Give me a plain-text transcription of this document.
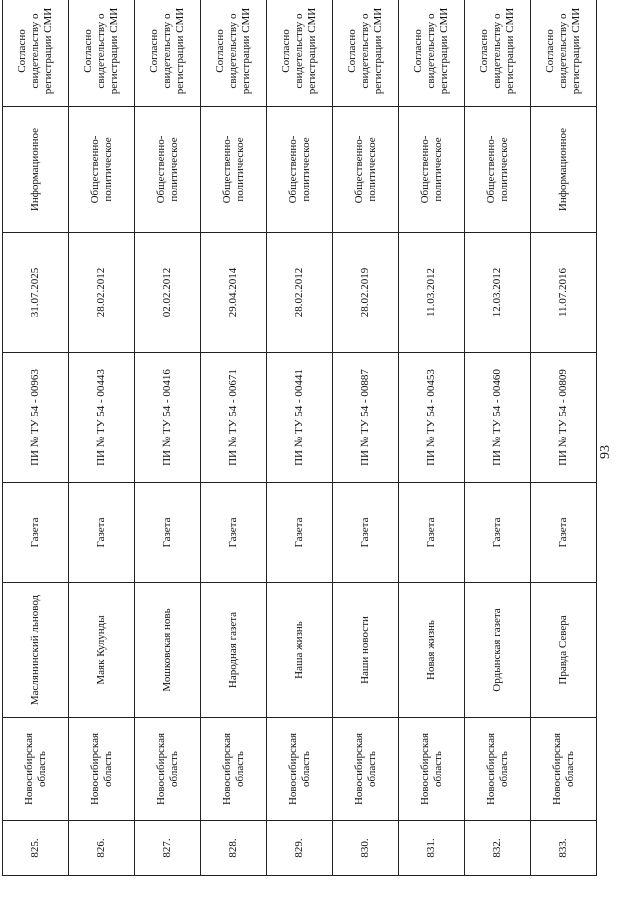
93
825.	Новосибирская область	Маслянинский льновод	Газета	ПИ № ТУ 54 - 00963	31.07.2025	Информационное	Согласно свидетельству о регистрации СМИ
826.	Новосибирская область	Маяк Кулунды	Газета	ПИ № ТУ 54 - 00443	28.02.2012	Общественно-политическое	Согласно свидетельству о регистрации СМИ
827.	Новосибирская область	Мошковская новь	Газета	ПИ № ТУ 54 - 00416	02.02.2012	Общественно-политическое	Согласно свидетельству о регистрации СМИ
828.	Новосибирская область	Народная газета	Газета	ПИ № ТУ 54 - 00671	29.04.2014	Общественно-политическое	Согласно свидетельству о регистрации СМИ
829.	Новосибирская область	Наша жизнь	Газета	ПИ № ТУ 54 - 00441	28.02.2012	Общественно-политическое	Согласно свидетельству о регистрации СМИ
830.	Новосибирская область	Наши новости	Газета	ПИ № ТУ 54 - 00887	28.02.2019	Общественно-политическое	Согласно свидетельству о регистрации СМИ
831.	Новосибирская область	Новая жизнь	Газета	ПИ № ТУ 54 - 00453	11.03.2012	Общественно-политическое	Согласно свидетельству о регистрации СМИ
832.	Новосибирская область	Ордынская газета	Газета	ПИ № ТУ 54 - 00460	12.03.2012	Общественно-политическое	Согласно свидетельству о регистрации СМИ
833.	Новосибирская область	Правда Севера	Газета	ПИ № ТУ 54 - 00809	11.07.2016	Информационное	Согласно свидетельству о регистрации СМИ
